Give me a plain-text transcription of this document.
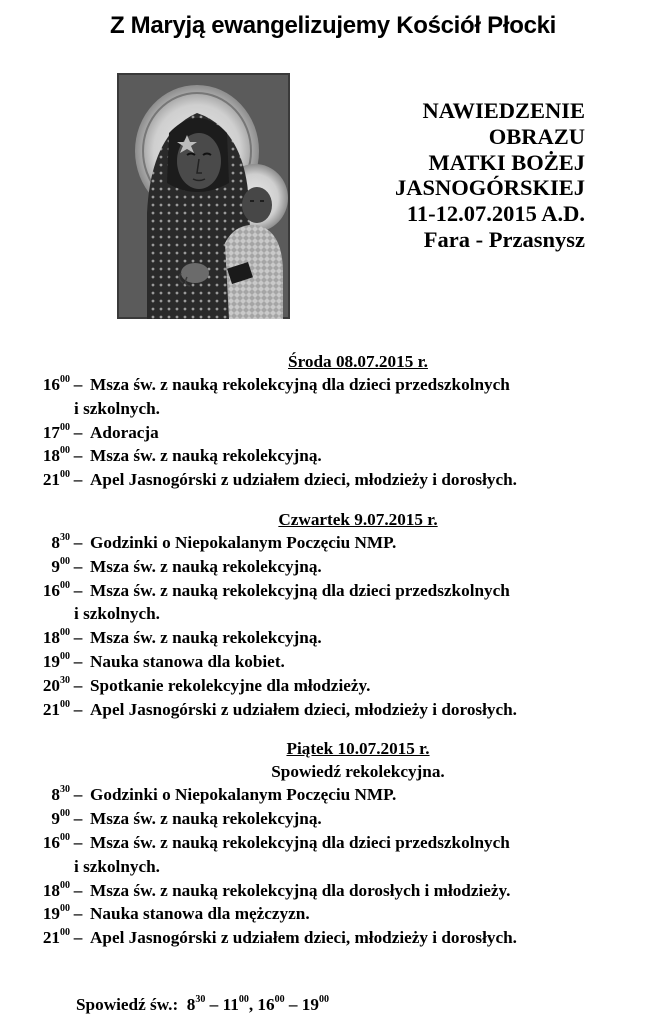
Z Maryją ewangelizujemy Kościół Płocki
NAWIEDZENIE
OBRAZU
MATKI BOŻEJ
JASNOGÓRSKIEJ
11-12.07.2015 A.D.
Fara - Przasnysz
Środa 08.07.2015 r.
$16^{00}$ – Msza św. z nauką rekolekcyjną dla dzieci przedszkolnych
i szkolnych.
$17^{00}$ – Adoracja
$18^{00}$ – Msza św. z nauką rekolekcyjną.
$21^{00}$ – Apel Jasnogórski z udziałem dzieci, młodzieży i dorosłych.
Czwartek 9.07.2015 r.
$8^{30}$ – Godzinki o Niepokalanym Poczęciu NMP.
$9^{00}$ – Msza św. z nauką rekolekcyjną.
$16^{00}$ – Msza św. z nauką rekolekcyjną dla dzieci przedszkolnych
i szkolnych.
$18^{00}$ – Msza św. z nauką rekolekcyjną.
$19^{00}$ – Nauka stanowa dla kobiet.
$20^{30}$ – Spotkanie rekolekcyjne dla młodzieży.
$21^{00}$ – Apel Jasnogórski z udziałem dzieci, młodzieży i dorosłych.
Piątek 10.07.2015 r.
Spowiedź rekolekcyjna.
$8^{30}$ – Godzinki o Niepokalanym Poczęciu NMP.
$9^{00}$ – Msza św. z nauką rekolekcyjną.
$16^{00}$ – Msza św. z nauką rekolekcyjną dla dzieci przedszkolnych
i szkolnych.
$18^{00}$ – Msza św. z nauką rekolekcyjną dla dorosłych i młodzieży.
$19^{00}$ – Nauka stanowa dla mężczyzn.
$21^{00}$ – Apel Jasnogórski z udziałem dzieci, młodzieży i dorosłych.
Spowiedź św.: $8^{30} - 11^{00}$, $16^{00} - 19^{00}$
